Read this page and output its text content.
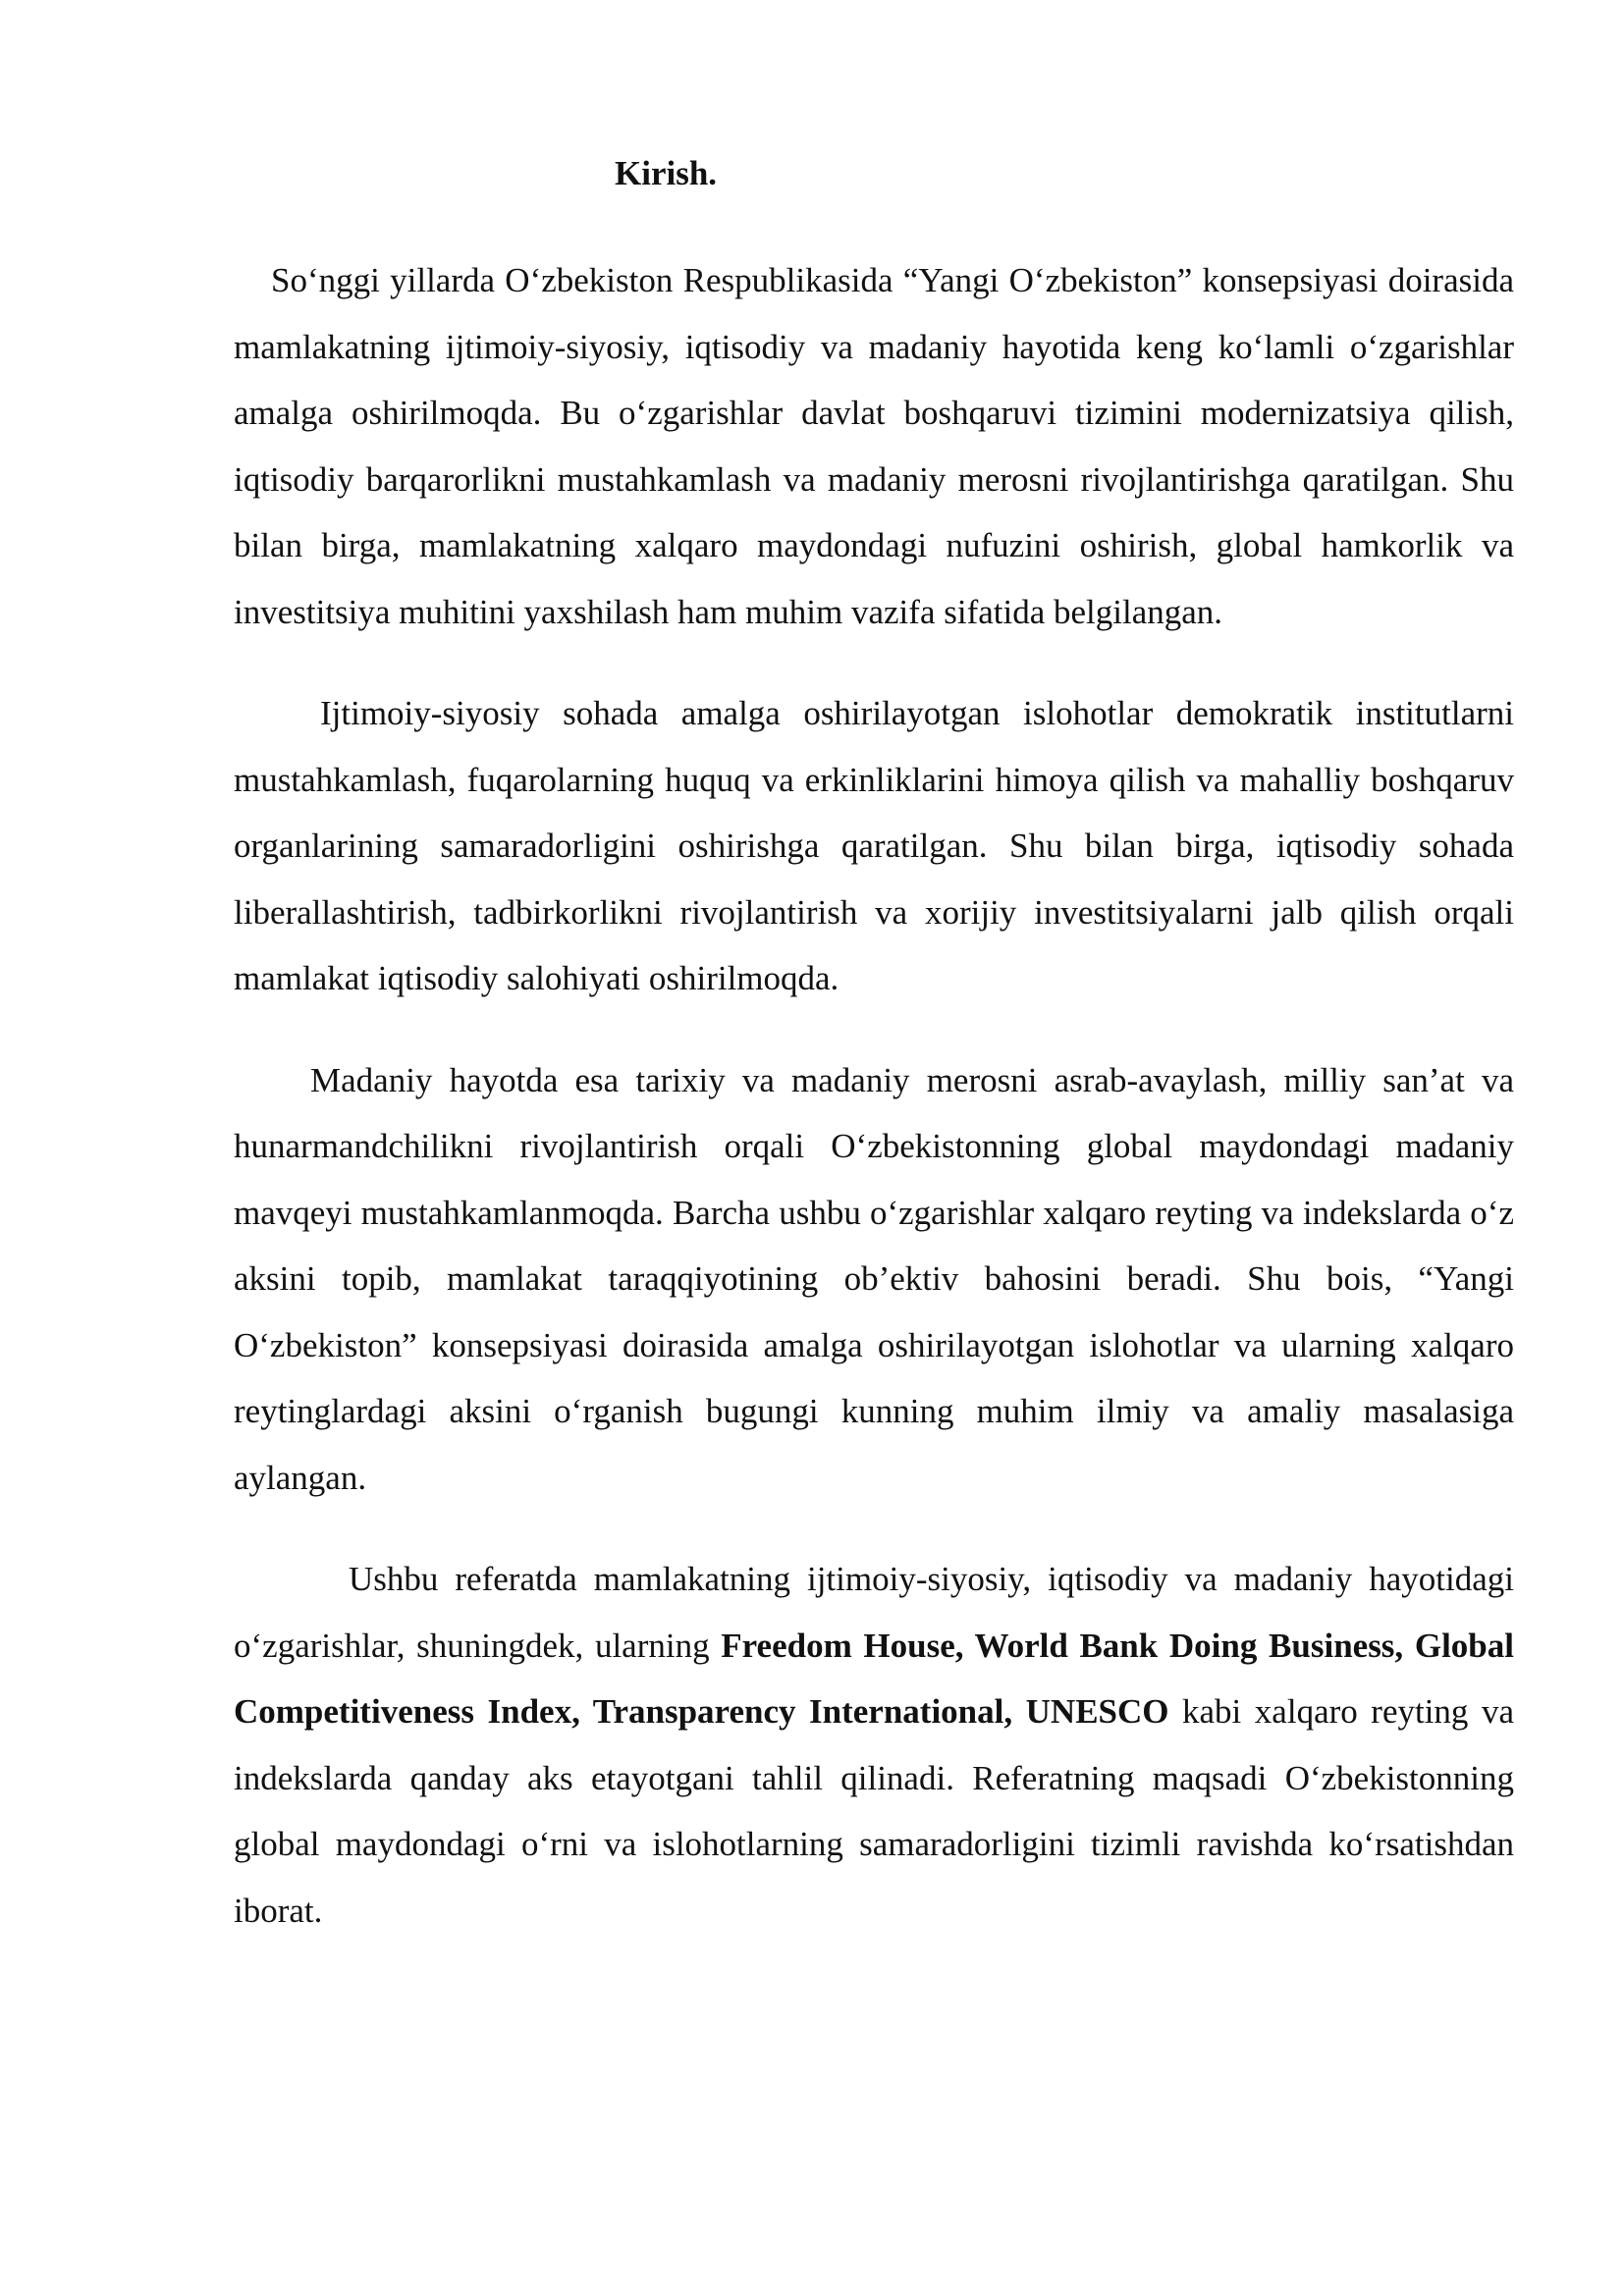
Kirish.

So‘nggi yillarda O‘zbekiston Respublikasida “Yangi O‘zbekiston” konsepsiyasi doirasida mamlakatning ijtimoiy-siyosiy, iqtisodiy va madaniy hayotida keng ko‘lamli o‘zgarishlar amalga oshirilmoqda. Bu o‘zgarishlar davlat boshqaruvi tizimini modernizatsiya qilish, iqtisodiy barqarorlikni mustahkamlash va madaniy merosni rivojlantirishga qaratilgan. Shu bilan birga, mamlakatning xalqaro maydondagi nufuzini oshirish, global hamkorlik va investitsiya muhitini yaxshilash ham muhim vazifa sifatida belgilangan.

Ijtimoiy-siyosiy sohada amalga oshirilayotgan islohotlar demokratik institutlarni mustahkamlash, fuqarolarning huquq va erkinliklarini himoya qilish va mahalliy boshqaruv organlarining samaradorligini oshirishga qaratilgan. Shu bilan birga, iqtisodiy sohada liberallashtirish, tadbirkorlikni rivojlantirish va xorijiy investitsiyalarni jalb qilish orqali mamlakat iqtisodiy salohiyati oshirilmoqda.

Madaniy hayotda esa tarixiy va madaniy merosni asrab-avaylash, milliy san’at va hunarmandchilikni rivojlantirish orqali O‘zbekistonning global maydondagi madaniy mavqeyi mustahkamlanmoqda. Barcha ushbu o‘zgarishlar xalqaro reyting va indekslarda o‘z aksini topib, mamlakat taraqqiyotining ob’ektiv bahosini beradi. Shu bois, “Yangi O‘zbekiston” konsepsiyasi doirasida amalga oshirilayotgan islohotlar va ularning xalqaro reytinglardagi aksini o‘rganish bugungi kunning muhim ilmiy va amaliy masalasiga aylangan.

Ushbu referatda mamlakatning ijtimoiy-siyosiy, iqtisodiy va madaniy hayotidagi o‘zgarishlar, shuningdek, ularning Freedom House, World Bank Doing Business, Global Competitiveness Index, Transparency International, UNESCO kabi xalqaro reyting va indekslarda qanday aks etayotgani tahlil qilinadi. Referatning maqsadi O‘zbekistonning global maydondagi o‘rni va islohotlarning samaradorligini tizimli ravishda ko‘rsatishdan iborat.
